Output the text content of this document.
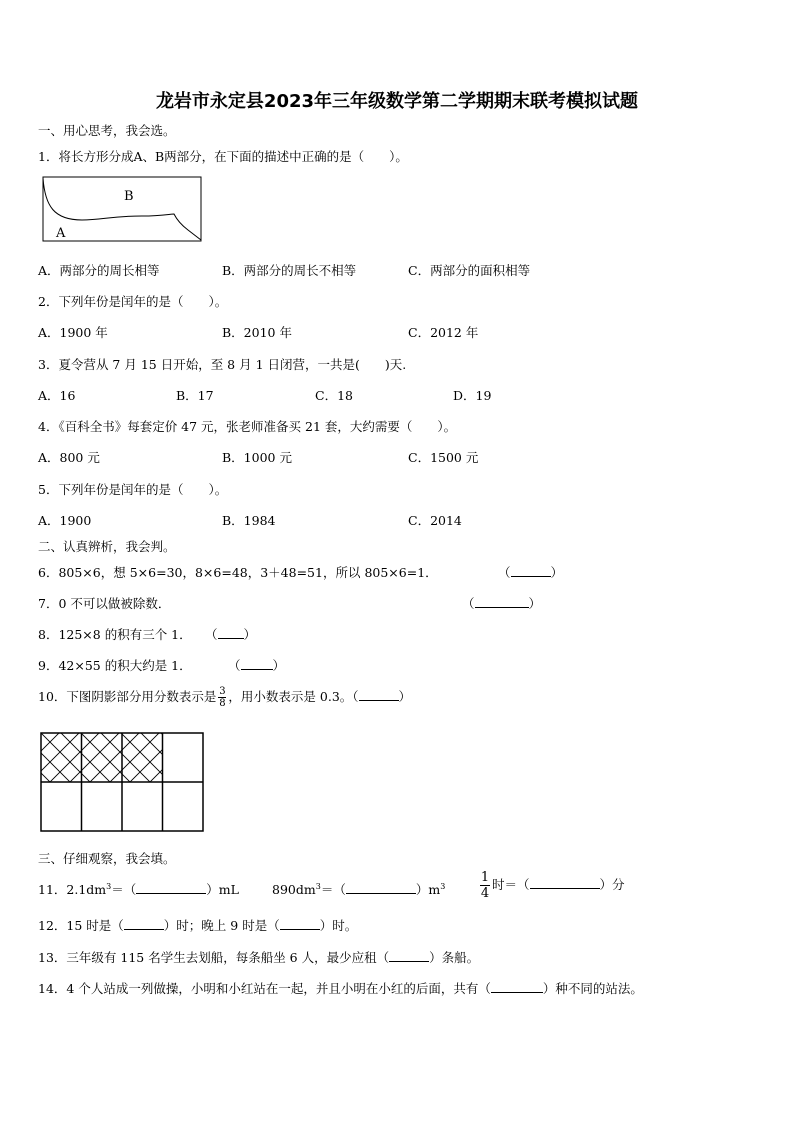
龙岩市永定县2023年三年级数学第二学期期末联考模拟试题
一、用心思考，我会选。
1．将长方形分成A、B两部分，在下面的描述中正确的是（　　）。
B
A
A．两部分的周长相等	B．两部分的周长不相等	C．两部分的面积相等
2．下列年份是闰年的是（　　）。
A．1900 年	B．2010 年	C．2012 年
3．夏令营从 7 月 15 日开始，至 8 月 1 日闭营，一共是(　　)天.
A．16	B．17	C．18	D．19
4．《百科全书》每套定价 47 元，张老师准备买 21 套，大约需要（　　）。
A．800 元	B．1000 元	C．1500 元
5．下列年份是闰年的是（　　）。
A．1900	B．1984	C．2014
二、认真辨析，我会判。
6．805×6，想 5×6=30，8×6=48，3＋48=51，所以 805×6=1．	（	）
7．0 不可以做被除数．	（	）
8．125×8 的积有三个 1． （ ）
9．42×55 的积大约是 1．	（	）
10．下图阴影部分用分数表示是 $\frac{3}{8}$ ，用小数表示是 0.3。（	）
三、仔细观察，我会填。
11．$2.1dm^3=$（	）mL	$890dm^3=$（	）$m^3$	$\frac{1}{4}$ 时＝（	）分
12．15 时是（	）时；晚上 9 时是（	）时。
13．三年级有 115 名学生去划船，每条船坐 6 人，最少应租（	）条船。
14．4 个人站成一列做操，小明和小红站在一起，并且小明在小红的后面，共有（	）种不同的站法。
